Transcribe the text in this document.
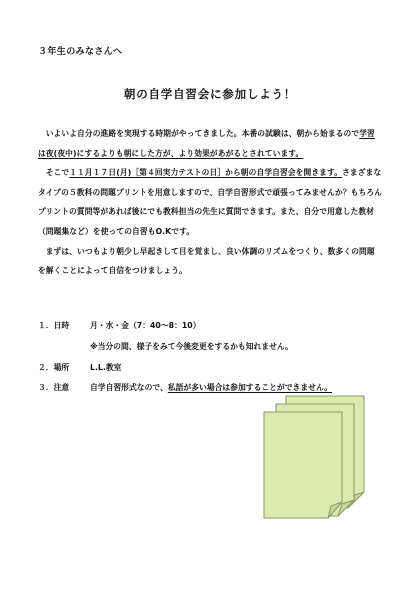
３年生のみなさんへ
朝の自学自習会に参加しよう！

いよいよ自分の進路を実現する時期がやってきました。本番の試験は、朝から始まるので学習は夜(夜中)にするよりも朝にした方が、より効果があがるとされています。

そこで１１月１７日(月)［第４回実力テストの日］から朝の自学自習会を開きます。さまざまなタイプの５教科の問題プリントを用意しますので、自学自習形式で頑張ってみませんか？もちろんプリントの質問等があれば後にでも教科担当の先生に質問できます。また、自分で用意した教材（問題集など）を使っての自習もO.Kです。

まずは、いつもより朝少し早起きして目を覚まし、良い体調のリズムをつくり、数多くの問題を解くことによって自信をつけましょう。

１．日時	月・水・金（7：40〜8：10）
※当分の間、様子をみて今後変更をするかも知れません。
２．場所	L.L.教室
３．注意	自学自習形式なので、私語が多い場合は参加することができません。
